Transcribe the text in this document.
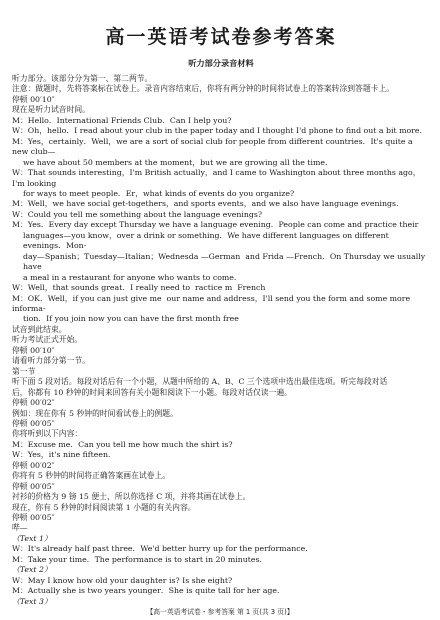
高一英语考试卷参考答案
听力部分录音材料

听力部分。该部分分为第一、第二两节。

注意：做题时，先将答案标在试卷上。录音内容结束后，你将有两分钟的时间将试卷上的答案转涂到答题卡上。

停顿 00′10″

现在是听力试音时间。

M：Hello．International Friends Club．Can I help you?

W：Oh，hello．I read about your club in the paper today and I thought I'd phone to find out a bit more.

M：Yes，certainly．Well，we are a sort of social club for people from different countries．It's quite a new club—

we have about 50 members at the moment，but we are growing all the time.

W：That sounds interesting，I'm British actually，and I came to Washington about three months ago，I'm looking

for ways to meet people．Er，what kinds of events do you organize?

M：Well，we have social get-togethers，and sports events，and we also have language evenings.

W：Could you tell me something about the language evenings?

M：Yes．Every day except Thursday we have a language evening．People can come and practice their

languages—you know，over a drink or something．We have different languages on different evenings．Mon-

day—Spanish；Tuesday—Italian；Wednesda —German  and Frida —French．On Thursday we usually have

a meal in a restaurant for anyone who wants to come.

W：Well，that sounds great．I really need to  ractice m  French

M：OK．Well，if you can just give me  our name and address，I'll send you the form and some more informa-

tion．If you join now you can have the first month free

试音到此结束。

听力考试正式开始。

停顿 00′10″

请看听力部分第一节。

第一节

听下面 5 段对话。每段对话后有一个小题，从题中所给的 A、B、C 三个选项中选出最佳选项。听完每段对话

后，你都有 10 秒钟的时间来回答有关小题和阅读下一小题。每段对话仅读一遍。

停顿 00′02″

例如：现在你有 5 秒钟的时间看试卷上的例题。

停顿 00′05″

你将听到以下内容：

M：Excuse me．Can you tell me how much the shirt is?

W：Yes，it's nine fifteen.

停顿 00′02″

你将有 5 秒钟的时间将正确答案画在试卷上。

停顿 00′05″

衬衫的价格为 9 镑 15 便士，所以你选择 C 项，并将其画在试卷上。

现在，你有 5 秒钟的时间阅读第 1 小题的有关内容。

停顿 00′05″

哔—

（Text 1）

W：It's already half past three．We'd better hurry up for the performance.

M：Take your time．The performance is to start in 20 minutes.

（Text 2）

W：May I know how old your daughter is? Is she eight?

M：Actually she is two years younger．She is quite tall for her age.

（Text 3）

【高一英语考试卷・参考答案 第 1 页(共 3 页)】
